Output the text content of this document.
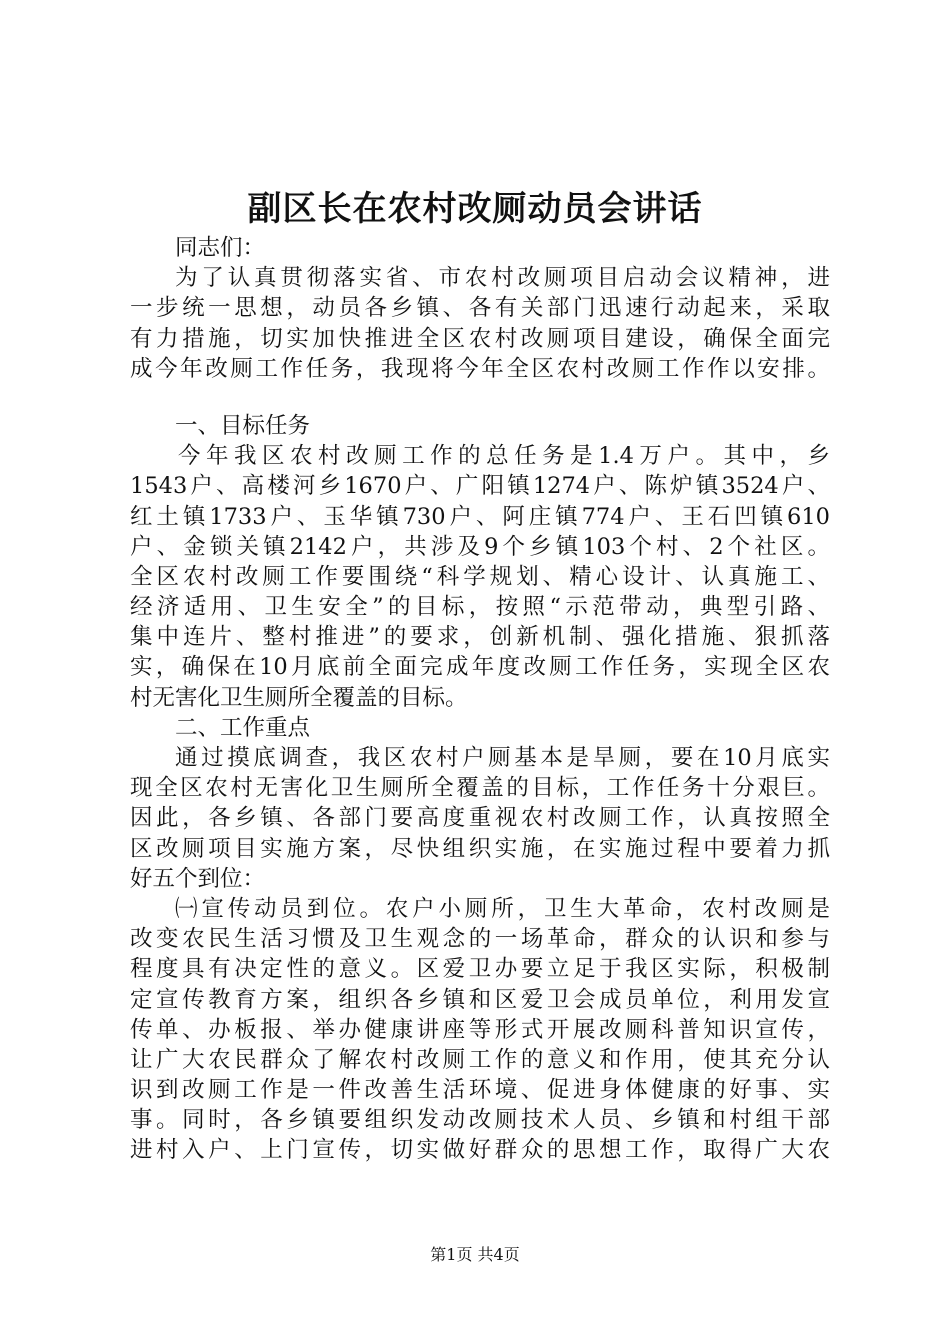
副区长在农村改厕动员会讲话
同志们：
为了认真贯彻落实省、市农村改厕项目启动会议精神，进
一步统一思想，动员各乡镇、各有关部门迅速行动起来，采取
有力措施，切实加快推进全区农村改厕项目建设，确保全面完
成今年改厕工作任务，我现将今年全区农村改厕工作作以安排。
一、目标任务
今年我区农村改厕工作的总任务是1.4万户。其中，乡
1543户、高楼河乡1670户、广阳镇1274户、陈炉镇3524户、
红土镇1733户、玉华镇730户、阿庄镇774户、王石凹镇610
户、金锁关镇2142户，共涉及9个乡镇103个村、2个社区。
全区农村改厕工作要围绕“科学规划、精心设计、认真施工、
经济适用、卫生安全”的目标，按照“示范带动，典型引路、
集中连片、整村推进”的要求，创新机制、强化措施、狠抓落
实，确保在10月底前全面完成年度改厕工作任务，实现全区农
村无害化卫生厕所全覆盖的目标。
二、工作重点
通过摸底调查，我区农村户厕基本是旱厕，要在10月底实
现全区农村无害化卫生厕所全覆盖的目标，工作任务十分艰巨。
因此，各乡镇、各部门要高度重视农村改厕工作，认真按照全
区改厕项目实施方案，尽快组织实施，在实施过程中要着力抓
好五个到位：
㈠宣传动员到位。农户小厕所，卫生大革命，农村改厕是
改变农民生活习惯及卫生观念的一场革命，群众的认识和参与
程度具有决定性的意义。区爱卫办要立足于我区实际，积极制
定宣传教育方案，组织各乡镇和区爱卫会成员单位，利用发宣
传单、办板报、举办健康讲座等形式开展改厕科普知识宣传，
让广大农民群众了解农村改厕工作的意义和作用，使其充分认
识到改厕工作是一件改善生活环境、促进身体健康的好事、实
事。同时，各乡镇要组织发动改厕技术人员、乡镇和村组干部
进村入户、上门宣传，切实做好群众的思想工作，取得广大农

第1页 共4页
